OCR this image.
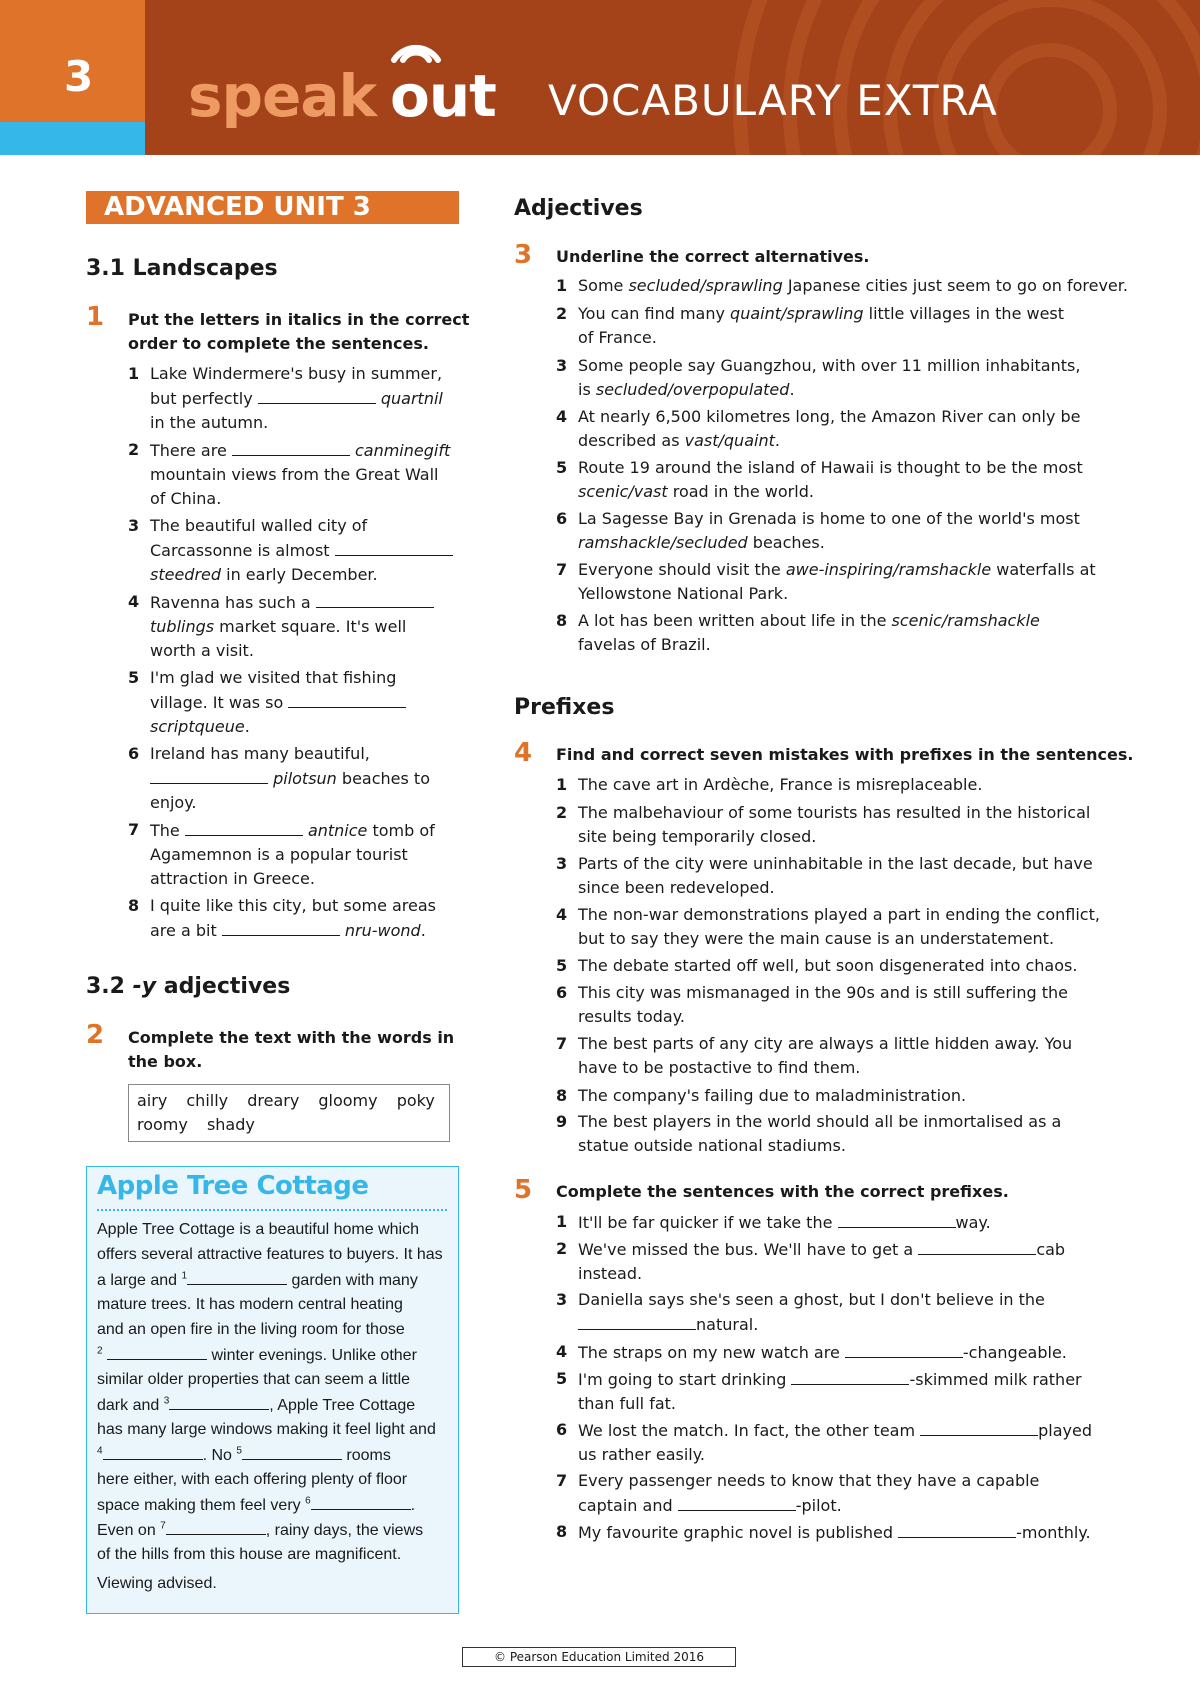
3 speak out VOCABULARY EXTRA
ADVANCED UNIT 3
3.1 Landscapes
1 Put the letters in italics in the correct
order to complete the sentences.
1 Lake Windermere's busy in summer,
but perfectly	quartnil
in the autumn.
2 There are	canminegift
mountain views from the Great Wall
of China.
3 The beautiful walled city of
Carcassonne is almost
steedred in early December.
4 Ravenna has such a
tublings market square. It's well
worth a visit.
5 I'm glad we visited that fishing
village. It was so
scriptqueue.
6 Ireland has many beautiful,
pilotsun beaches to
enjoy.
7 The	antnice tomb of
Agamemnon is a popular tourist
attraction in Greece.
8 I quite like this city, but some areas
are a bit	nru-wond.
3.2 -y adjectives
2 Complete the text with the words in
the box.
airy chilly dreary gloomy poky
roomy shady
Apple Tree Cottage
Apple Tree Cottage is a beautiful home which
offers several attractive features to buyers. It has
a large and $^1$	garden with many
mature trees. It has modern central heating
and an open fire in the living room for those
$^2$	winter evenings. Unlike other
similar older properties that can seem a little
dark and $^3$	, Apple Tree Cottage
has many large windows making it feel light and
$^4$	. No $^5$	rooms
here either, with each offering plenty of floor
space making them feel very $^6$	.
Even on $^7$	, rainy days, the views
of the hills from this house are magnificent.
Viewing advised.
Adjectives
3 Underline the correct alternatives.
1 Some secluded/sprawling Japanese cities just seem to go on forever.
2 You can find many quaint/sprawling little villages in the west
of France.
3 Some people say Guangzhou, with over 11 million inhabitants,
is secluded/overpopulated.
4 At nearly 6,500 kilometres long, the Amazon River can only be
described as vast/quaint.
5 Route 19 around the island of Hawaii is thought to be the most
scenic/vast road in the world.
6 La Sagesse Bay in Grenada is home to one of the world's most
ramshackle/secluded beaches.
7 Everyone should visit the awe-inspiring/ramshackle waterfalls at
Yellowstone National Park.
8 A lot has been written about life in the scenic/ramshackle
favelas of Brazil.
Prefixes
4 Find and correct seven mistakes with prefixes in the sentences.
1 The cave art in Ardèche, France is misreplaceable.
2 The malbehaviour of some tourists has resulted in the historical
site being temporarily closed.
3 Parts of the city were uninhabitable in the last decade, but have
since been redeveloped.
4 The non-war demonstrations played a part in ending the conflict,
but to say they were the main cause is an understatement.
5 The debate started off well, but soon disgenerated into chaos.
6 This city was mismanaged in the 90s and is still suffering the
results today.
7 The best parts of any city are always a little hidden away. You
have to be postactive to find them.
8 The company's failing due to maladministration.
9 The best players in the world should all be inmortalised as a
statue outside national stadiums.
5 Complete the sentences with the correct prefixes.
1 It'll be far quicker if we take the	way.
2 We've missed the bus. We'll have to get a	cab
instead.
3 Daniella says she's seen a ghost, but I don't believe in the
natural.
4 The straps on my new watch are	-changeable.
5 I'm going to start drinking	-skimmed milk rather
than full fat.
6 We lost the match. In fact, the other team	played
us rather easily.
7 Every passenger needs to know that they have a capable
captain and	-pilot.
8 My favourite graphic novel is published	-monthly.
© Pearson Education Limited 2016
